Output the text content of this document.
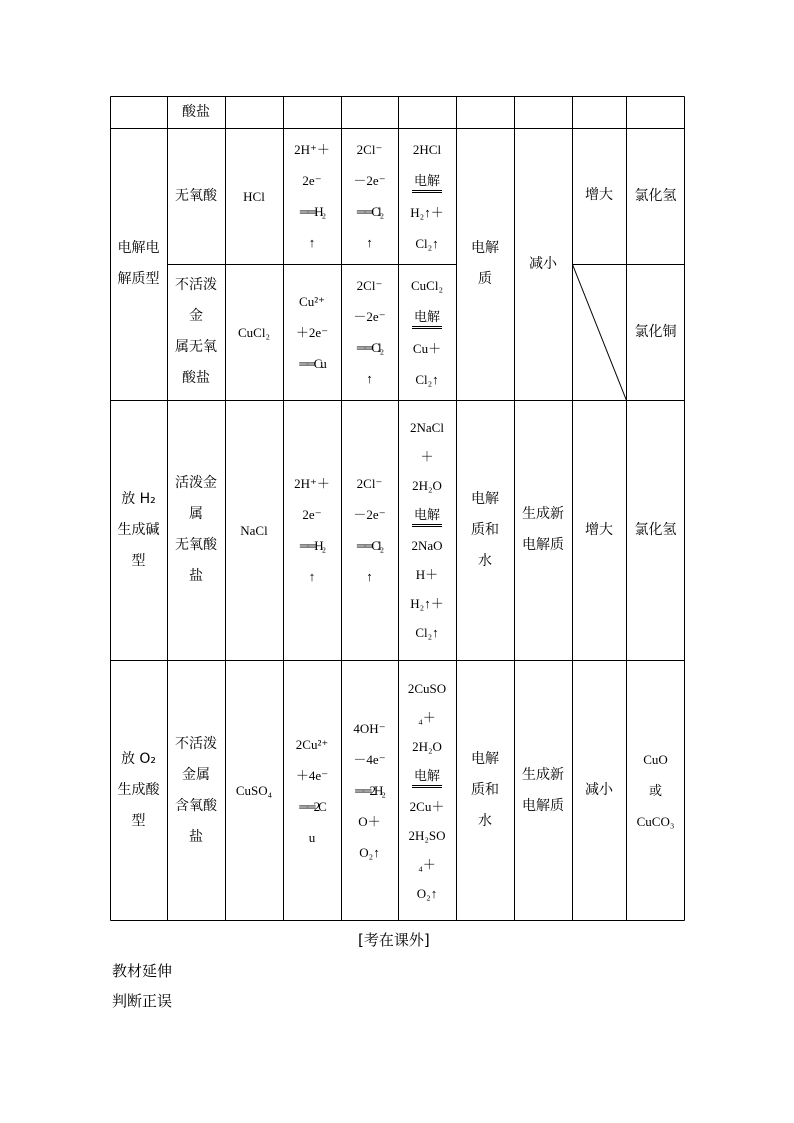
酸盐
电解电
解质型
无氧酸 HCl
2H⁺＋
2e⁻
══H₂
↑
2Cl⁻
－2e⁻
══Cl₂
↑
2HCl
电解
H₂↑＋
Cl₂↑ 电解
质
减小
增大 氯化氢
不活泼
金
属无氧
酸盐
CuCl₂
Cu²⁺
＋2e⁻
══Cu
2Cl⁻
－2e⁻
══Cl₂
↑
CuCl₂
电解
Cu＋
Cl₂↑
氯化铜
放 H₂
生成碱
型
活泼金
属
无氧酸
盐
NaCl
2H⁺＋
2e⁻
══H₂
↑
2Cl⁻
－2e⁻
══Cl₂
↑
2NaCl
＋
2H₂O
电解
2NaO
H＋
H₂↑＋
Cl₂↑
电解
质和
水
生成新
电解质
增大 氯化氢
放 O₂
生成酸
型
不活泼
金属
含氧酸
盐
CuSO₄
2Cu²⁺
＋4e⁻
══2C
u
4OH⁻
－4e⁻
══2H₂
O＋
O₂↑
2CuSO
₄＋
2H₂O
电解
2Cu＋
2H₂SO
₄＋
O₂↑
电解
质和
水
生成新
电解质
减小
CuO
或
CuCO₃
[考在课外]
教材延伸
判断正误
